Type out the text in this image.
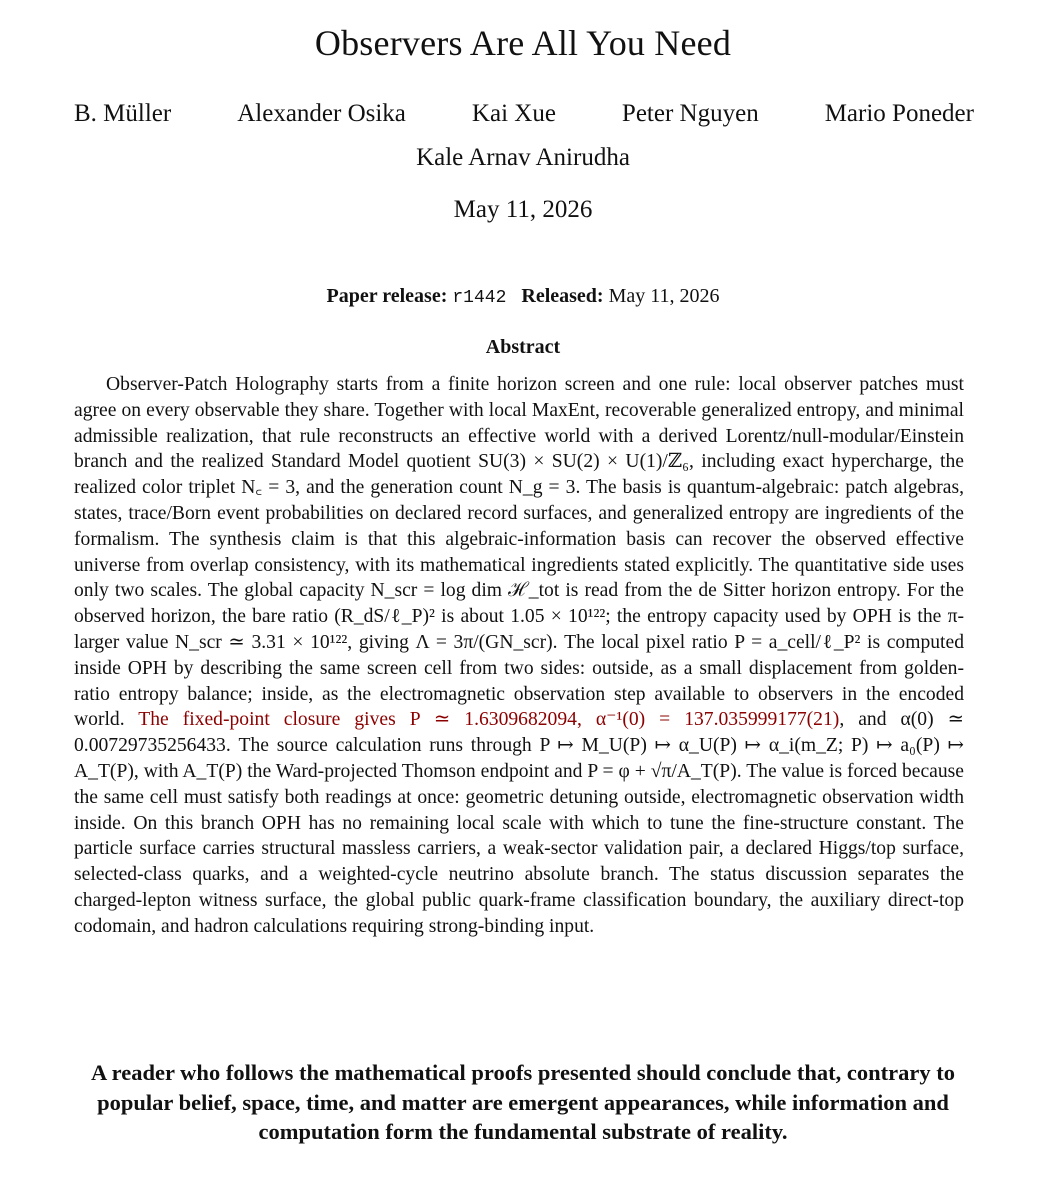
Observers Are All You Need
B. Müller	Alexander Osika	Kai Xue	Peter Nguyen	Mario Poneder
Kale Arnav Anirudha
May 11, 2026
Paper release: r1442 Released: May 11, 2026
Abstract

Observer-Patch Holography starts from a finite horizon screen and one rule: local observer patches must agree on every observable they share. Together with local MaxEnt, recoverable generalized entropy, and minimal admissible realization, that rule reconstructs an effective world with a derived Lorentz/null-modular/Einstein branch and the realized Standard Model quotient SU(3) × SU(2) × U(1)/ℤ₆, including exact hypercharge, the realized color triplet N꜀ = 3, and the generation count N_g = 3. The basis is quantum-algebraic: patch algebras, states, trace/Born event probabilities on declared record surfaces, and generalized entropy are ingredients of the formalism. The synthesis claim is that this algebraic-information basis can recover the observed effective universe from overlap consistency, with its mathematical ingredients stated explicitly. The quantitative side uses only two scales. The global capacity N_scr = log dim ℋ_tot is read from the de Sitter horizon entropy. For the observed horizon, the bare ratio (R_dS/ℓ_P)² is about 1.05 × 10¹²²; the entropy capacity used by OPH is the π-larger value N_scr ≃ 3.31 × 10¹²², giving Λ = 3π/(GN_scr). The local pixel ratio P = a_cell/ℓ_P² is computed inside OPH by describing the same screen cell from two sides: outside, as a small displacement from golden-ratio entropy balance; inside, as the electromagnetic observation step available to observers in the encoded world. The fixed-point closure gives P ≃ 1.6309682094, α⁻¹(0) = 137.035999177(21), and α(0) ≃ 0.00729735256433. The source calculation runs through P ↦ M_U(P) ↦ α_U(P) ↦ α_i(m_Z; P) ↦ a₀(P) ↦ A_T(P), with A_T(P) the Ward-projected Thomson endpoint and P = φ + √π/A_T(P). The value is forced because the same cell must satisfy both readings at once: geometric detuning outside, electromagnetic observation width inside. On this branch OPH has no remaining local scale with which to tune the fine-structure constant. The particle surface carries structural massless carriers, a weak-sector validation pair, a declared Higgs/top surface, selected-class quarks, and a weighted-cycle neutrino absolute branch. The status discussion separates the charged-lepton witness surface, the global public quark-frame classification boundary, the auxiliary direct-top codomain, and hadron calculations requiring strong-binding input.

A reader who follows the mathematical proofs presented should conclude that, contrary to popular belief, space, time, and matter are emergent appearances, while information and computation form the fundamental substrate of reality.
